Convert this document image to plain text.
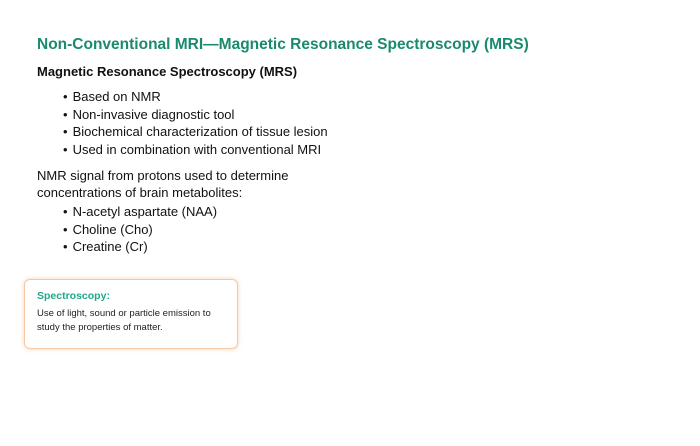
Non-Conventional MRI—Magnetic Resonance Spectroscopy (MRS)
Magnetic Resonance Spectroscopy (MRS)
• Based on NMR
• Non-invasive diagnostic tool
• Biochemical characterization of tissue lesion
• Used in combination with conventional MRI
NMR signal from protons used to determine concentrations of brain metabolites:
• N-acetyl aspartate (NAA)
• Choline (Cho)
• Creatine (Cr)
Spectroscopy:
Use of light, sound or particle emission to study the properties of matter.
